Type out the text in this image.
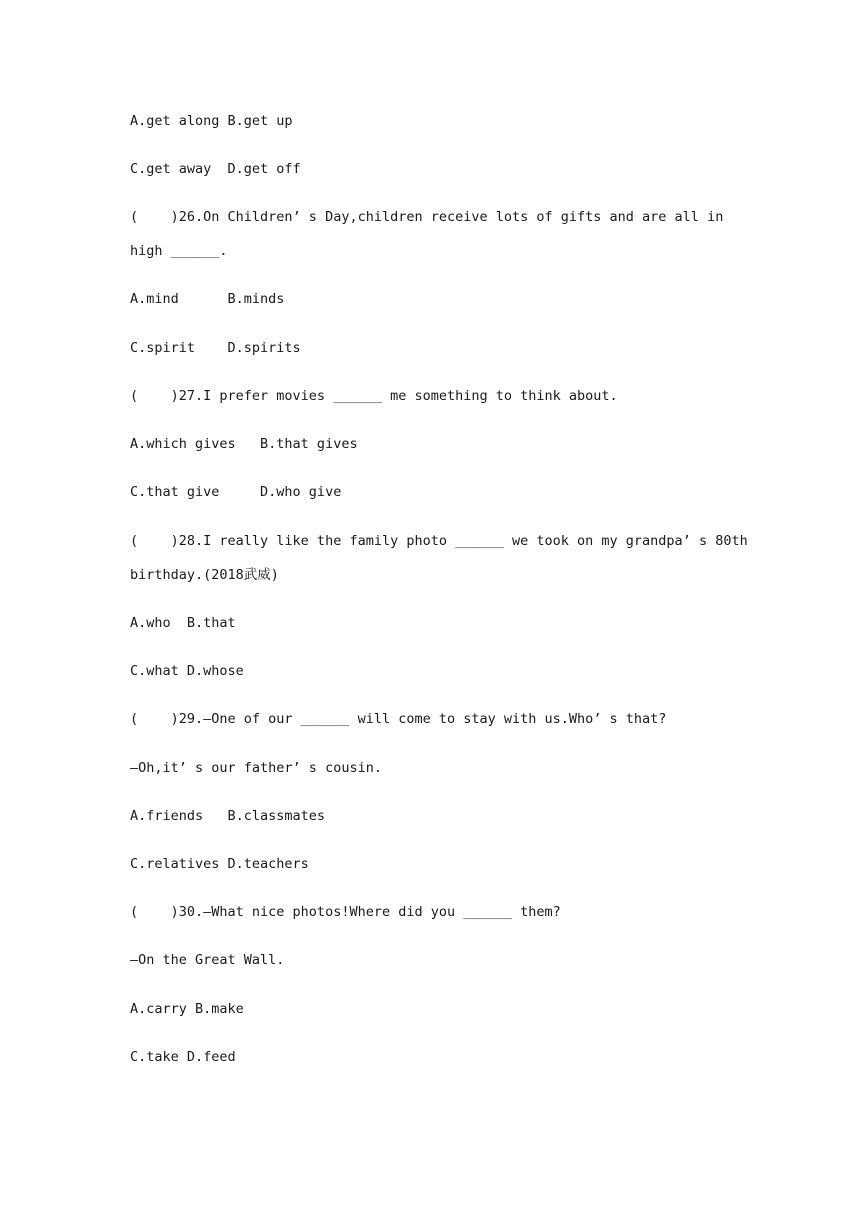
A.get along B.get up
C.get away  D.get off
(    )26.On Children’ s Day,children receive lots of gifts and are all in
high ______.
A.mind      B.minds
C.spirit    D.spirits
(    )27.I prefer movies ______ me something to think about.
A.which gives   B.that gives
C.that give     D.who give
(    )28.I really like the family photo ______ we took on my grandpa’ s 80th
birthday.(2018武威)
A.who  B.that
C.what D.whose
(    )29.—One of our ______ will come to stay with us.Who’ s that?
—Oh,it’ s our father’ s cousin.
A.friends   B.classmates
C.relatives D.teachers
(    )30.—What nice photos!Where did you ______ them?
—On the Great Wall.
A.carry B.make
C.take D.feed
